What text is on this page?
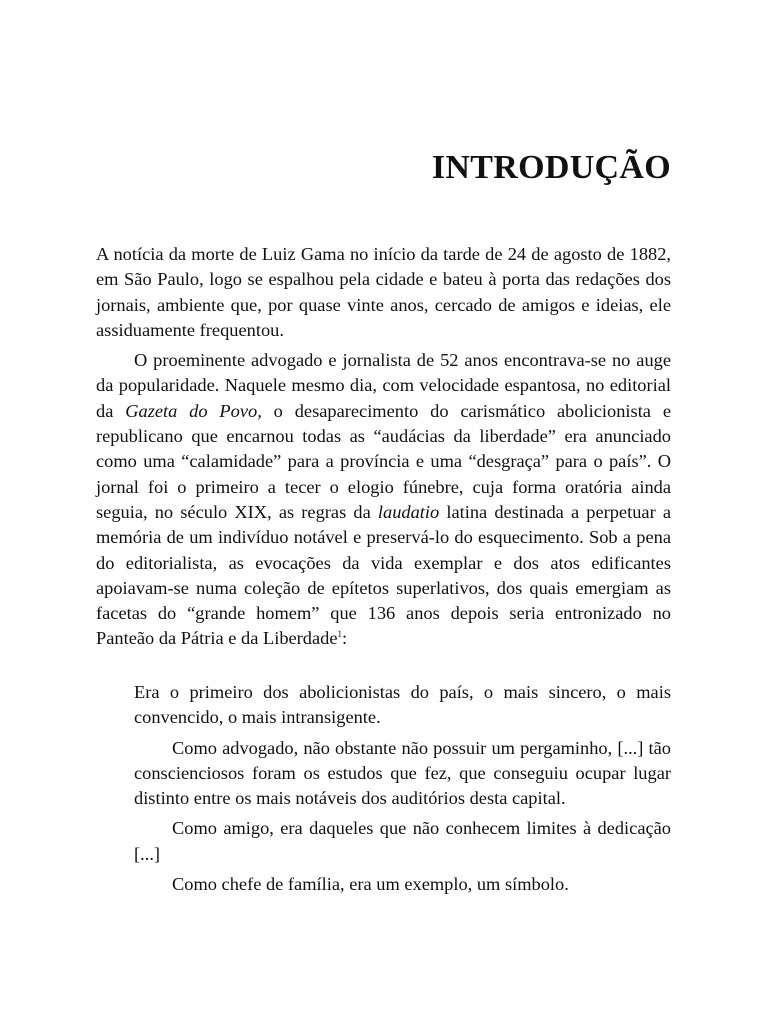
INTRODUÇÃO

A notícia da morte de Luiz Gama no início da tarde de 24 de agosto de 1882, em São Paulo, logo se espalhou pela cidade e bateu à porta das redações dos jornais, ambiente que, por quase vinte anos, cercado de amigos e ideias, ele assiduamente frequentou.

O proeminente advogado e jornalista de 52 anos encontrava-se no auge da popularidade. Naquele mesmo dia, com velocidade espantosa, no editorial da Gazeta do Povo, o desaparecimento do carismático abolicionista e republicano que encarnou todas as “audácias da liberdade” era anunciado como uma “calamidade” para a província e uma “desgraça” para o país”. O jornal foi o primeiro a tecer o elogio fúnebre, cuja forma oratória ainda seguia, no século XIX, as regras da laudatio latina destinada a perpetuar a memória de um indivíduo notável e preservá-lo do esquecimento. Sob a pena do editorialista, as evocações da vida exemplar e dos atos edificantes apoiavam-se numa coleção de epítetos superlativos, dos quais emergiam as facetas do “grande homem” que 136 anos depois seria entronizado no Panteão da Pátria e da Liberdade$^1$:

Era o primeiro dos abolicionistas do país, o mais sincero, o mais convencido, o mais intransigente.

Como advogado, não obstante não possuir um pergaminho, [...] tão conscienciosos foram os estudos que fez, que conseguiu ocupar lugar distinto entre os mais notáveis dos auditórios desta capital.

Como amigo, era daqueles que não conhecem limites à dedicação [...]

Como chefe de família, era um exemplo, um símbolo.
